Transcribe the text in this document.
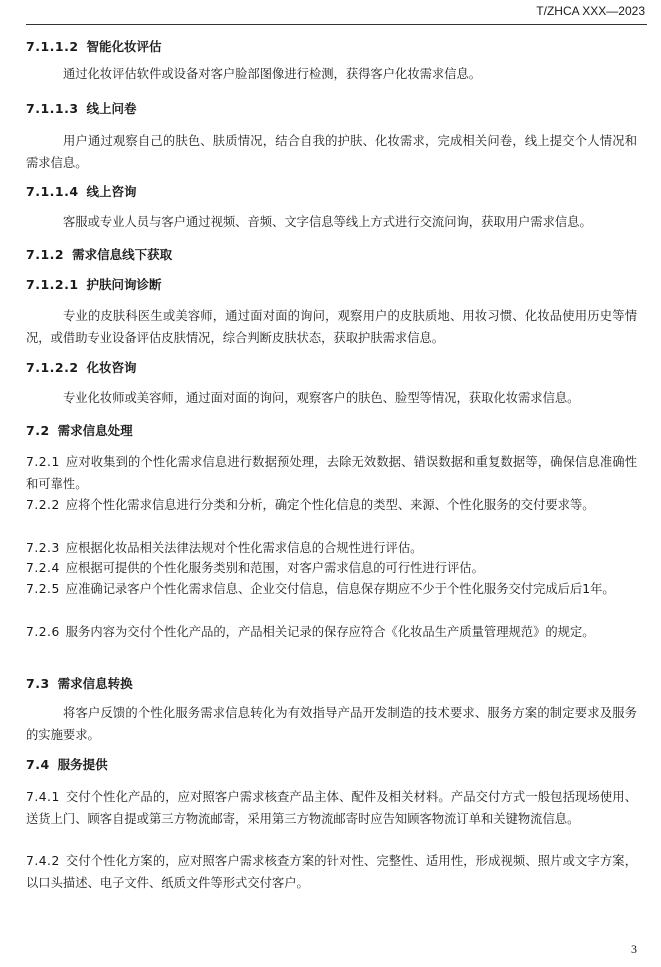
T/ZHCA XXX—2023
7.1.1.2 智能化妆评估
通过化妆评估软件或设备对客户脸部图像进行检测，获得客户化妆需求信息。
7.1.1.3 线上问卷
用户通过观察自己的肤色、肤质情况，结合自我的护肤、化妆需求，完成相关问卷，线上提交个人情况和需求信息。
7.1.1.4 线上咨询
客服或专业人员与客户通过视频、音频、文字信息等线上方式进行交流问询，获取用户需求信息。
7.1.2 需求信息线下获取
7.1.2.1 护肤问询诊断
专业的皮肤科医生或美容师，通过面对面的询问，观察用户的皮肤质地、用妆习惯、化妆品使用历史等情况，或借助专业设备评估皮肤情况，综合判断皮肤状态，获取护肤需求信息。
7.1.2.2 化妆咨询
专业化妆师或美容师，通过面对面的询问，观察客户的肤色、脸型等情况，获取化妆需求信息。
7.2 需求信息处理
7.2.1 应对收集到的个性化需求信息进行数据预处理，去除无效数据、错误数据和重复数据等，确保信息准确性和可靠性。
7.2.2 应将个性化需求信息进行分类和分析，确定个性化信息的类型、来源、个性化服务的交付要求等。
7.2.3 应根据化妆品相关法律法规对个性化需求信息的合规性进行评估。
7.2.4 应根据可提供的个性化服务类别和范围，对客户需求信息的可行性进行评估。
7.2.5 应准确记录客户个性化需求信息、企业交付信息，信息保存期应不少于个性化服务交付完成后后1年。
7.2.6 服务内容为交付个性化产品的，产品相关记录的保存应符合《化妆品生产质量管理规范》的规定。
7.3 需求信息转换
将客户反馈的个性化服务需求信息转化为有效指导产品开发制造的技术要求、服务方案的制定要求及服务的实施要求。
7.4 服务提供
7.4.1 交付个性化产品的，应对照客户需求核查产品主体、配件及相关材料。产品交付方式一般包括现场使用、送货上门、顾客自提或第三方物流邮寄，采用第三方物流邮寄时应告知顾客物流订单和关键物流信息。
7.4.2 交付个性化方案的，应对照客户需求核查方案的针对性、完整性、适用性，形成视频、照片或文字方案，以口头描述、电子文件、纸质文件等形式交付客户。
3
